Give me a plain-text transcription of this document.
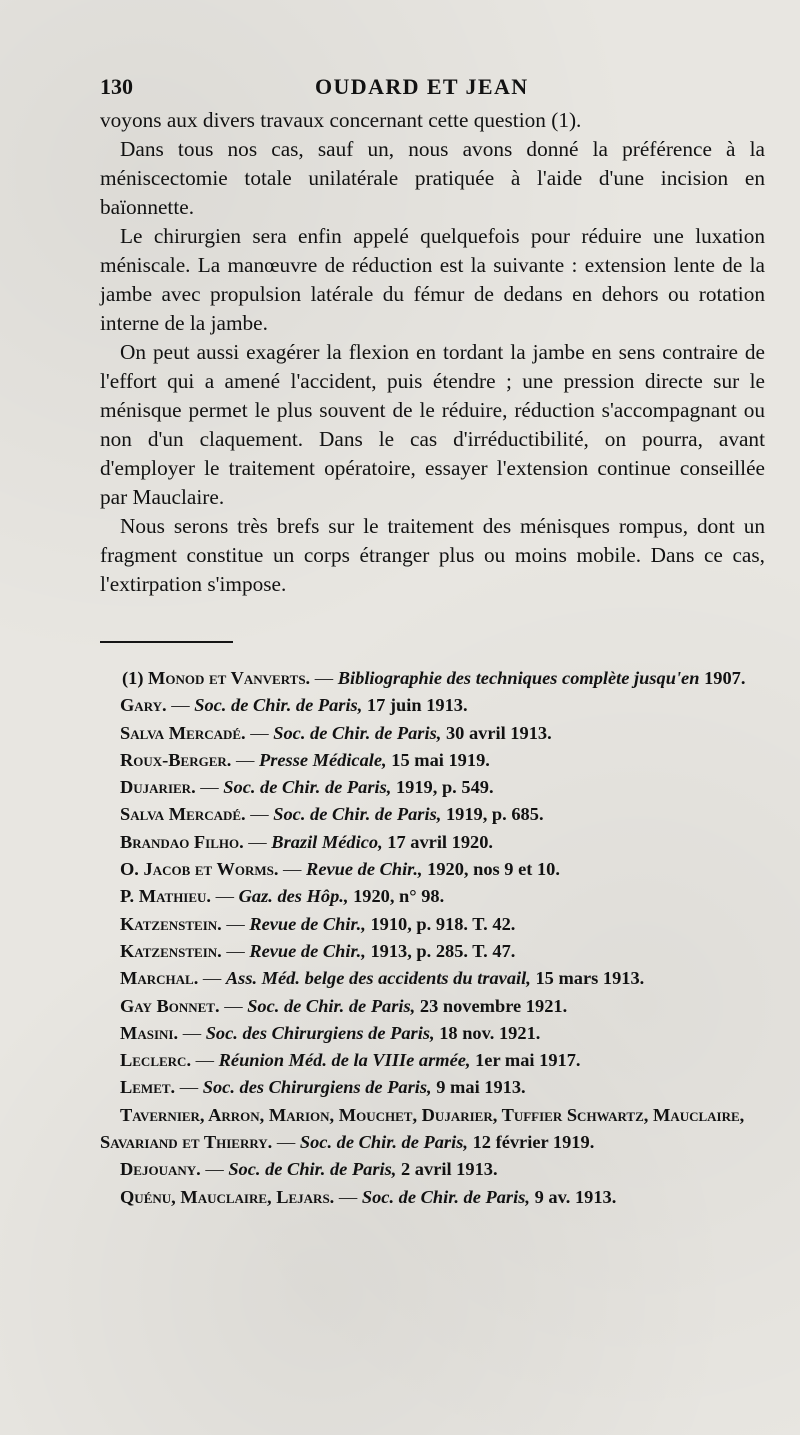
130	OUDARD ET JEAN

voyons aux divers travaux concernant cette question (1).

Dans tous nos cas, sauf un, nous avons donné la préférence à la méniscectomie totale unilatérale pratiquée à l'aide d'une incision en baïonnette.

Le chirurgien sera enfin appelé quelquefois pour réduire une luxation méniscale. La manœuvre de réduction est la suivante : extension lente de la jambe avec propulsion latérale du fémur de dedans en dehors ou rotation interne de la jambe.

On peut aussi exagérer la flexion en tordant la jambe en sens contraire de l'effort qui a amené l'accident, puis étendre ; une pression directe sur le ménisque permet le plus souvent de le réduire, réduction s'accompagnant ou non d'un claquement. Dans le cas d'irréductibilité, on pourra, avant d'employer le traitement opératoire, essayer l'extension continue conseillée par Mauclaire.

Nous serons très brefs sur le traitement des ménisques rompus, dont un fragment constitue un corps étranger plus ou moins mobile. Dans ce cas, l'extirpation s'impose.

(1) Monod et Vanverts. — Bibliographie des techniques complète jusqu'en 1907.

Gary. — Soc. de Chir. de Paris, 17 juin 1913.

Salva Mercadé. — Soc. de Chir. de Paris, 30 avril 1913.

Roux-Berger. — Presse Médicale, 15 mai 1919.

Dujarier. — Soc. de Chir. de Paris, 1919, p. 549.

Salva Mercadé. — Soc. de Chir. de Paris, 1919, p. 685.

Brandao Filho. — Brazil Médico, 17 avril 1920.

O. Jacob et Worms. — Revue de Chir., 1920, nos 9 et 10.

P. Mathieu. — Gaz. des Hôp., 1920, n° 98.

Katzenstein. — Revue de Chir., 1910, p. 918. T. 42.

Katzenstein. — Revue de Chir., 1913, p. 285. T. 47.

Marchal. — Ass. Méd. belge des accidents du travail, 15 mars 1913.

Gay Bonnet. — Soc. de Chir. de Paris, 23 novembre 1921.

Masini. — Soc. des Chirurgiens de Paris, 18 nov. 1921.

Leclerc. — Réunion Méd. de la VIIIe armée, 1er mai 1917.

Lemet. — Soc. des Chirurgiens de Paris, 9 mai 1913.

Tavernier, Arron, Marion, Mouchet, Dujarier, Tuffier Schwartz, Mauclaire, Savariand et Thierry. — Soc. de Chir. de Paris, 12 février 1919.

Dejouany. — Soc. de Chir. de Paris, 2 avril 1913.

Quénu, Mauclaire, Lejars. — Soc. de Chir. de Paris, 9 av. 1913.
